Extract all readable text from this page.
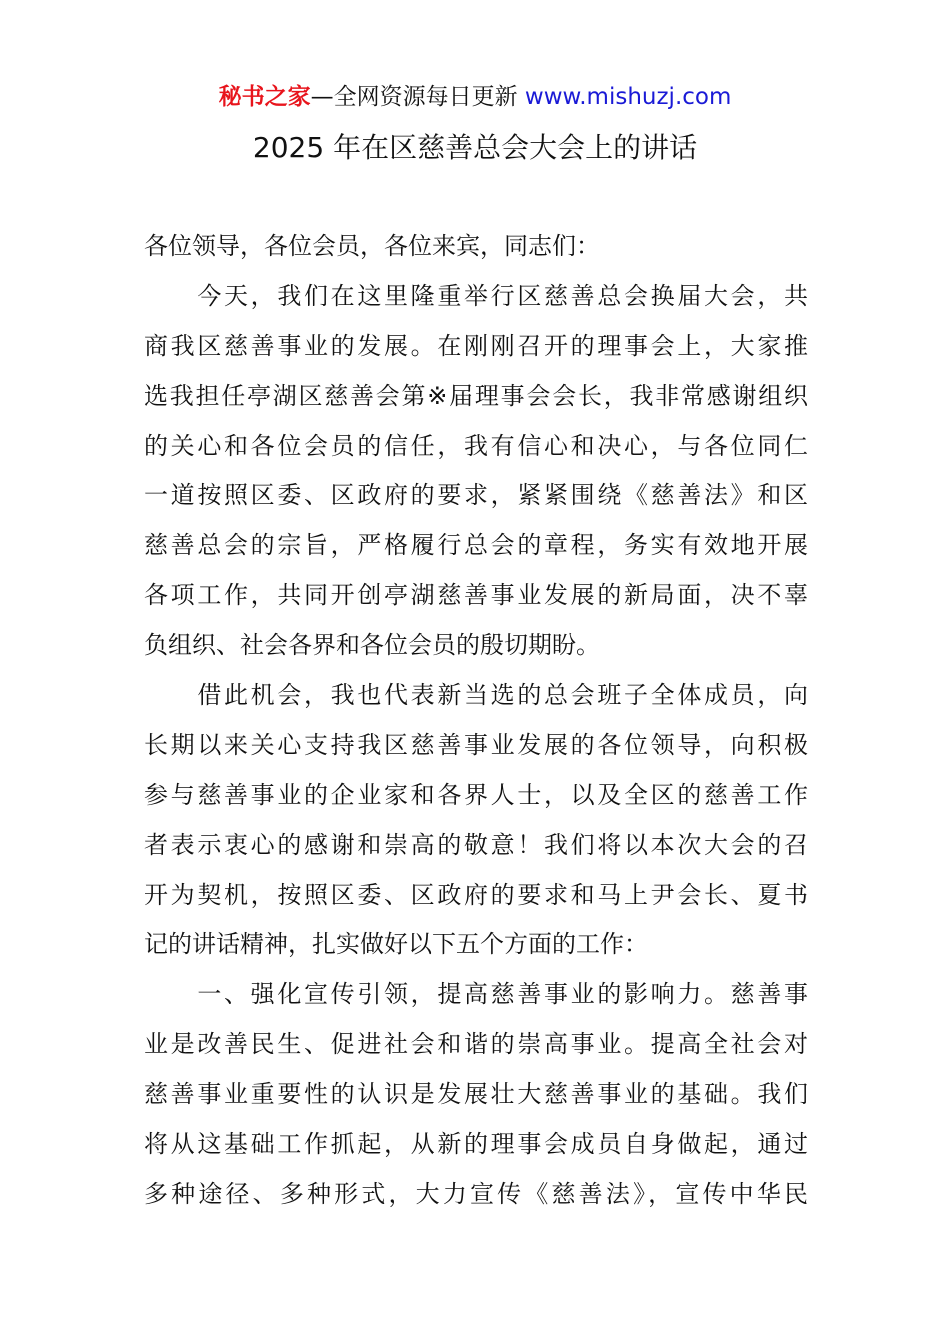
秘书之家—全网资源每日更新 www.mishuzj.com
2025 年在区慈善总会大会上的讲话
各位领导，各位会员，各位来宾，同志们：
　　今天，我们在这里隆重举行区慈善总会换届大会，共
商我区慈善事业的发展。在刚刚召开的理事会上，大家推
选我担任亭湖区慈善会第※届理事会会长，我非常感谢组织
的关心和各位会员的信任，我有信心和决心，与各位同仁
一道按照区委、区政府的要求，紧紧围绕《慈善法》和区
慈善总会的宗旨，严格履行总会的章程，务实有效地开展
各项工作，共同开创亭湖慈善事业发展的新局面，决不辜
负组织、社会各界和各位会员的殷切期盼。
　　借此机会，我也代表新当选的总会班子全体成员，向
长期以来关心支持我区慈善事业发展的各位领导，向积极
参与慈善事业的企业家和各界人士，以及全区的慈善工作
者表示衷心的感谢和崇高的敬意！我们将以本次大会的召
开为契机，按照区委、区政府的要求和马上尹会长、夏书
记的讲话精神，扎实做好以下五个方面的工作：
　　一、强化宣传引领，提高慈善事业的影响力。慈善事
业是改善民生、促进社会和谐的崇高事业。提高全社会对
慈善事业重要性的认识是发展壮大慈善事业的基础。我们
将从这基础工作抓起，从新的理事会成员自身做起，通过
多种途径、多种形式，大力宣传《慈善法》，宣传中华民
